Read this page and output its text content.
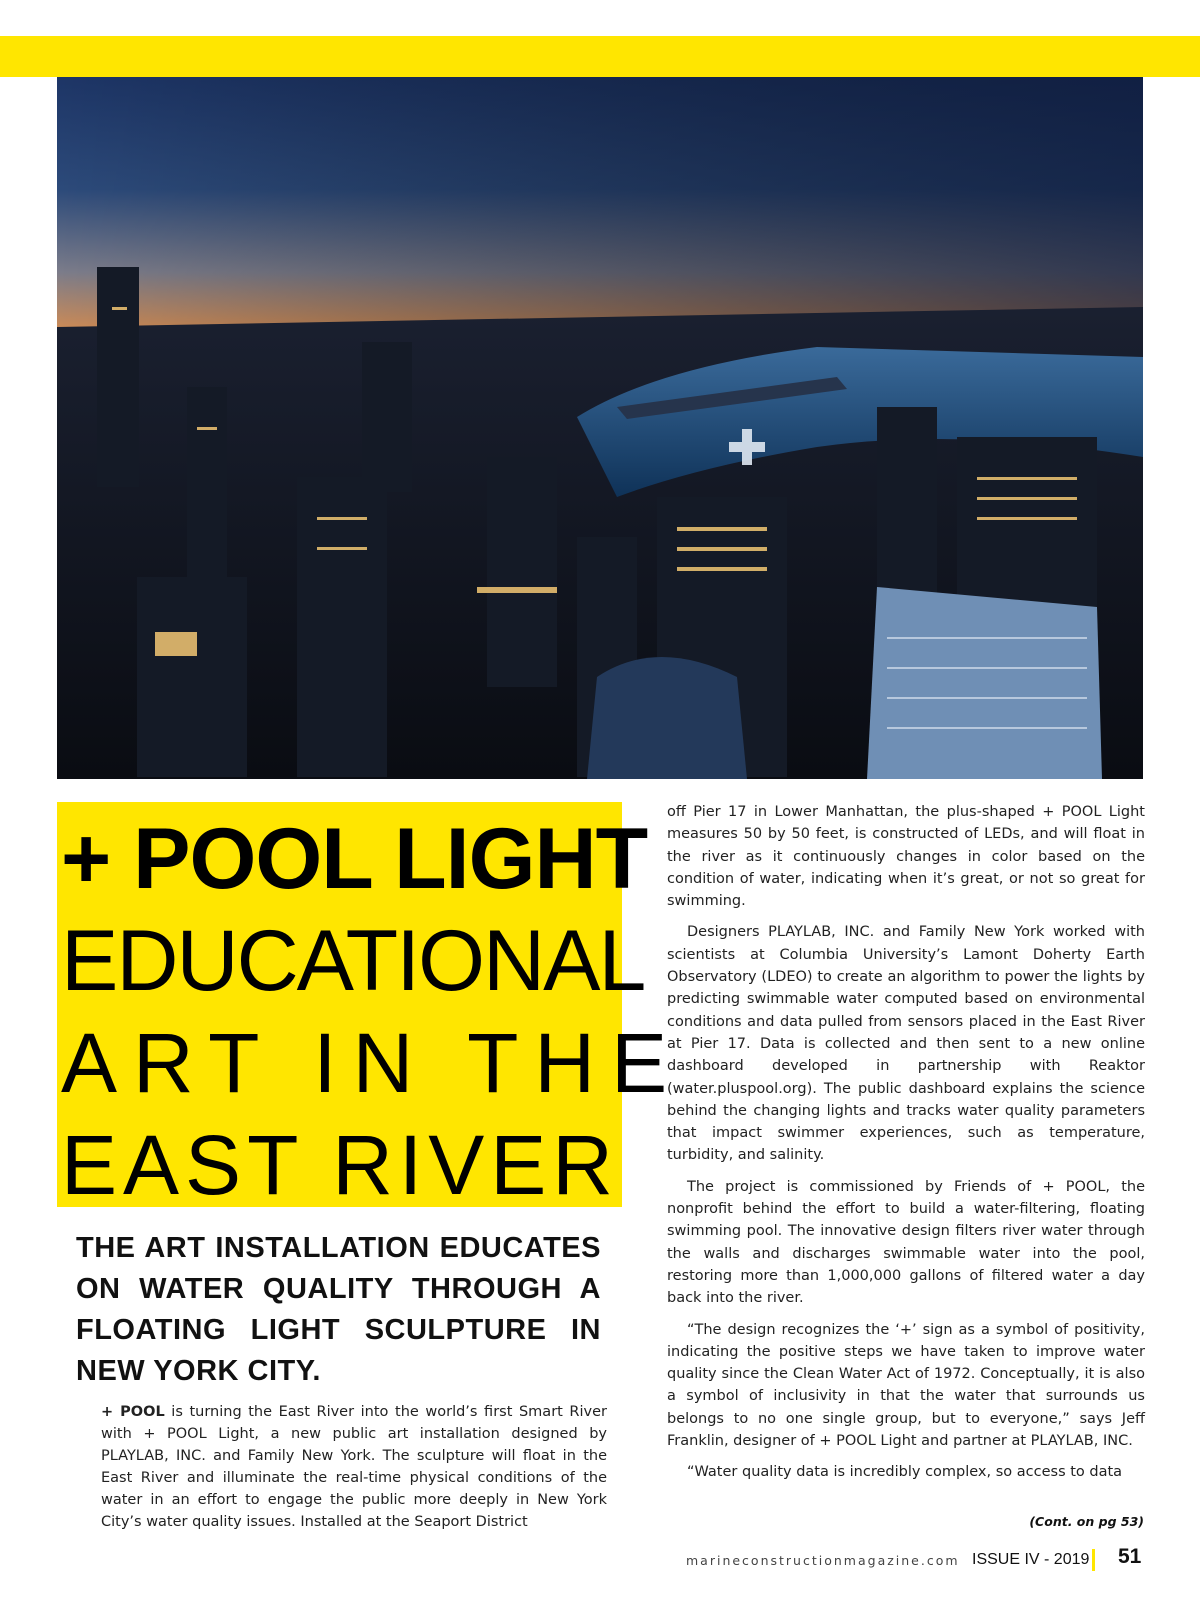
+ POOL LIGHT
EDUCATIONAL
ART IN THE
EAST RIVER
THE ART INSTALLATION EDUCATES ON WATER QUALITY THROUGH A FLOATING LIGHT SCULPTURE IN NEW YORK CITY.
+ POOL is turning the East River into the world’s first Smart River with + POOL Light, a new public art installation designed by PLAYLAB, INC. and Family New York. The sculpture will float in the East River and illuminate the real-time physical conditions of the water in an effort to engage the public more deeply in New York City’s water quality issues. Installed at the Seaport District

off Pier 17 in Lower Manhattan, the plus-shaped + POOL Light measures 50 by 50 feet, is constructed of LEDs, and will float in the river as it continuously changes in color based on the condition of water, indicating when it’s great, or not so great for swimming.

Designers PLAYLAB, INC. and Family New York worked with scientists at Columbia University’s Lamont Doherty Earth Observatory (LDEO) to create an algorithm to power the lights by predicting swimmable water computed based on environmental conditions and data pulled from sensors placed in the East River at Pier 17. Data is collected and then sent to a new online dashboard developed in partnership with Reaktor (water.pluspool.org). The public dashboard explains the science behind the changing lights and tracks water quality parameters that impact swimmer experiences, such as temperature, turbidity, and salinity.

The project is commissioned by Friends of + POOL, the nonprofit behind the effort to build a water-filtering, floating swimming pool. The innovative design filters river water through the walls and discharges swimmable water into the pool, restoring more than 1,000,000 gallons of filtered water a day back into the river.

“The design recognizes the ‘+’ sign as a symbol of positivity, indicating the positive steps we have taken to improve water quality since the Clean Water Act of 1972. Conceptually, it is also a symbol of inclusivity in that the water that surrounds us belongs to no one single group, but to everyone,” says Jeff Franklin, designer of + POOL Light and partner at PLAYLAB, INC.

“Water quality data is incredibly complex, so access to data

(Cont. on pg 53)
marineconstructionmagazine.com ISSUE IV - 2019 51
